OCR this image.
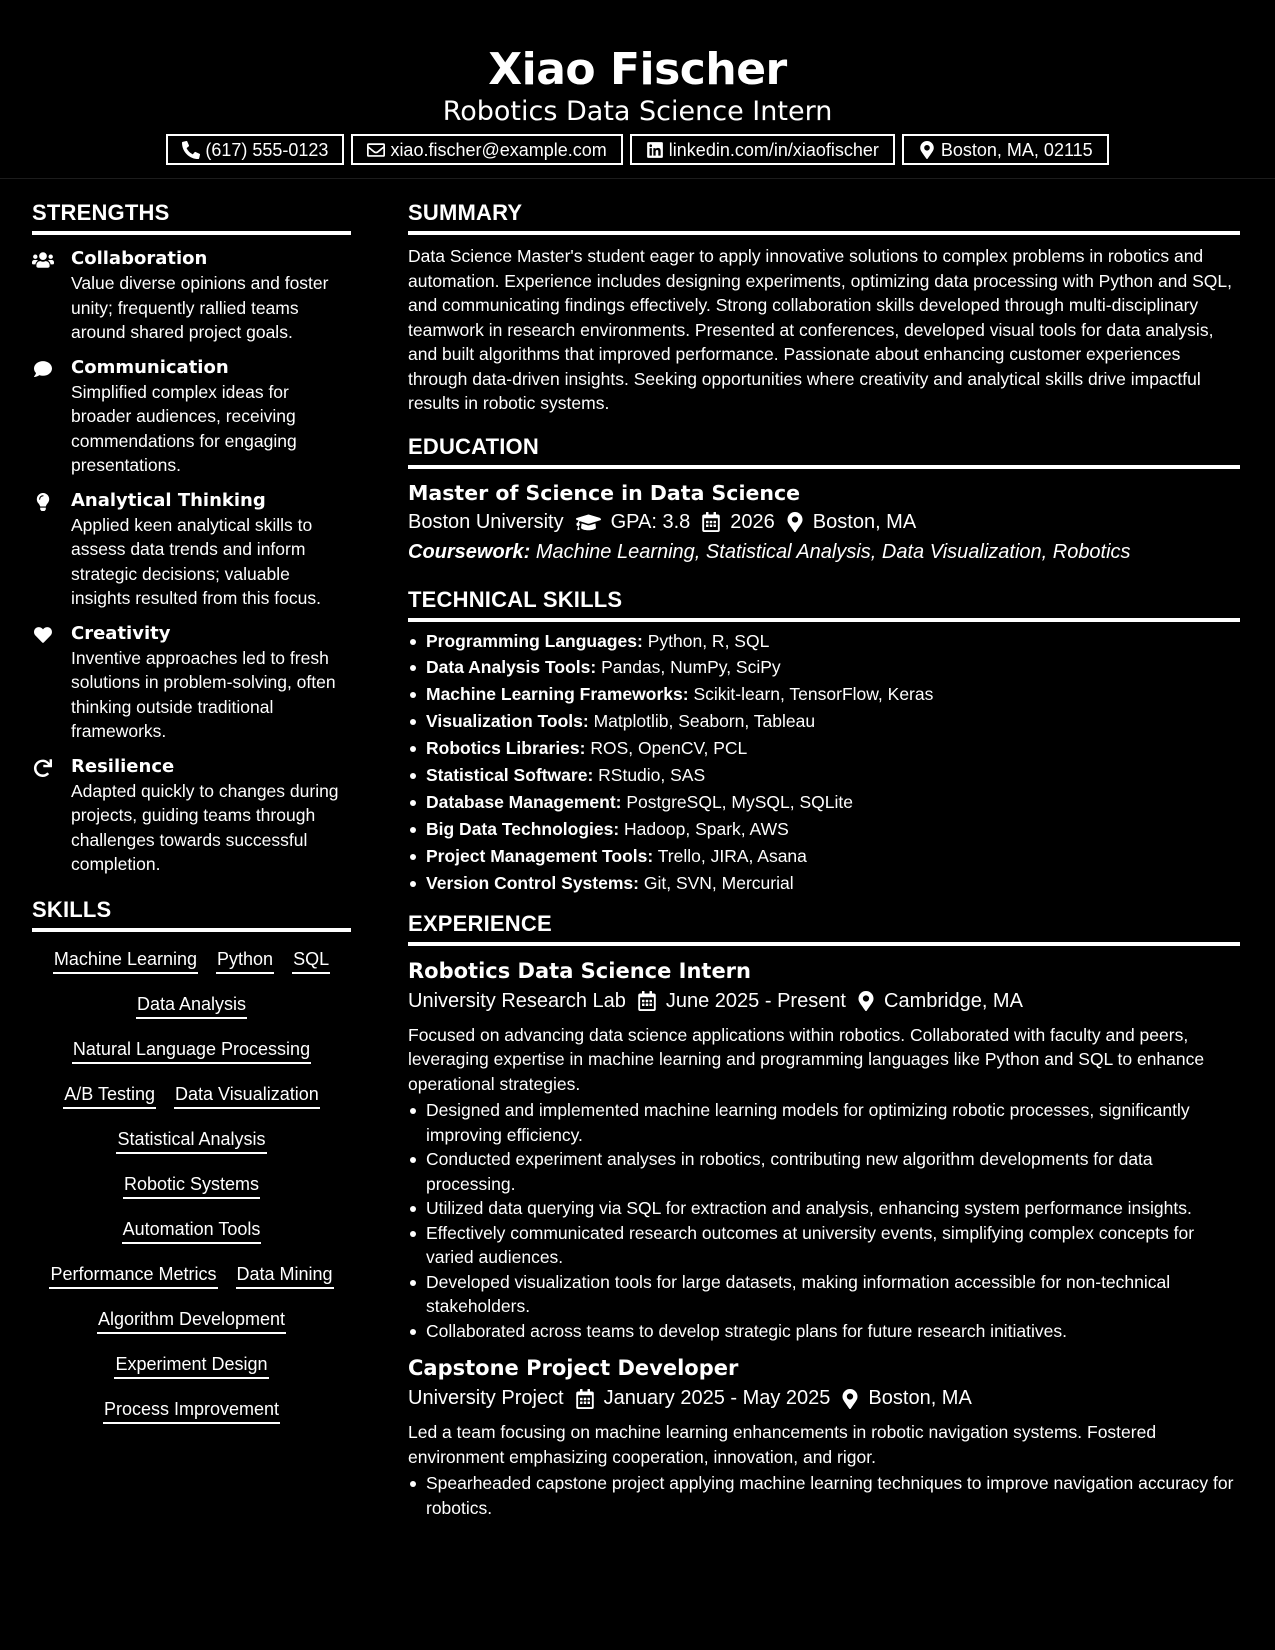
Xiao Fischer
Robotics Data Science Intern
(617) 555-0123	xiao.fischer@example.com	linkedin.com/in/xiaofischer	Boston, MA, 02115
STRENGTHS
Collaboration
Value diverse opinions and foster unity; frequently rallied teams around shared project goals.
Communication
Simplified complex ideas for broader audiences, receiving commendations for engaging presentations.
Analytical Thinking
Applied keen analytical skills to assess data trends and inform strategic decisions; valuable insights resulted from this focus.
Creativity
Inventive approaches led to fresh solutions in problem-solving, often thinking outside traditional frameworks.
Resilience
Adapted quickly to changes during projects, guiding teams through challenges towards successful completion.
SKILLS
Machine Learning Python SQL
Data Analysis
Natural Language Processing
A/B Testing Data Visualization
Statistical Analysis
Robotic Systems
Automation Tools
Performance Metrics Data Mining
Algorithm Development
Experiment Design
Process Improvement
SUMMARY
Data Science Master's student eager to apply innovative solutions to complex problems in robotics and automation. Experience includes designing experiments, optimizing data processing with Python and SQL, and communicating findings effectively. Strong collaboration skills developed through multi-disciplinary teamwork in research environments. Presented at conferences, developed visual tools for data analysis, and built algorithms that improved performance. Passionate about enhancing customer experiences through data-driven insights. Seeking opportunities where creativity and analytical skills drive impactful results in robotic systems.
EDUCATION
Master of Science in Data Science
Boston University GPA: 3.8 2026 Boston, MA
Coursework: Machine Learning, Statistical Analysis, Data Visualization, Robotics
TECHNICAL SKILLS
Programming Languages: Python, R, SQL
Data Analysis Tools: Pandas, NumPy, SciPy
Machine Learning Frameworks: Scikit-learn, TensorFlow, Keras
Visualization Tools: Matplotlib, Seaborn, Tableau
Robotics Libraries: ROS, OpenCV, PCL
Statistical Software: RStudio, SAS
Database Management: PostgreSQL, MySQL, SQLite
Big Data Technologies: Hadoop, Spark, AWS
Project Management Tools: Trello, JIRA, Asana
Version Control Systems: Git, SVN, Mercurial
EXPERIENCE
Robotics Data Science Intern
University Research Lab June 2025 - Present Cambridge, MA
Focused on advancing data science applications within robotics. Collaborated with faculty and peers, leveraging expertise in machine learning and programming languages like Python and SQL to enhance operational strategies.
Designed and implemented machine learning models for optimizing robotic processes, significantly improving efficiency.
Conducted experiment analyses in robotics, contributing new algorithm developments for data processing.
Utilized data querying via SQL for extraction and analysis, enhancing system performance insights.
Effectively communicated research outcomes at university events, simplifying complex concepts for varied audiences.
Developed visualization tools for large datasets, making information accessible for non-technical stakeholders.
Collaborated across teams to develop strategic plans for future research initiatives.
Capstone Project Developer
University Project January 2025 - May 2025 Boston, MA
Led a team focusing on machine learning enhancements in robotic navigation systems. Fostered environment emphasizing cooperation, innovation, and rigor.
Spearheaded capstone project applying machine learning techniques to improve navigation accuracy for robotics.
